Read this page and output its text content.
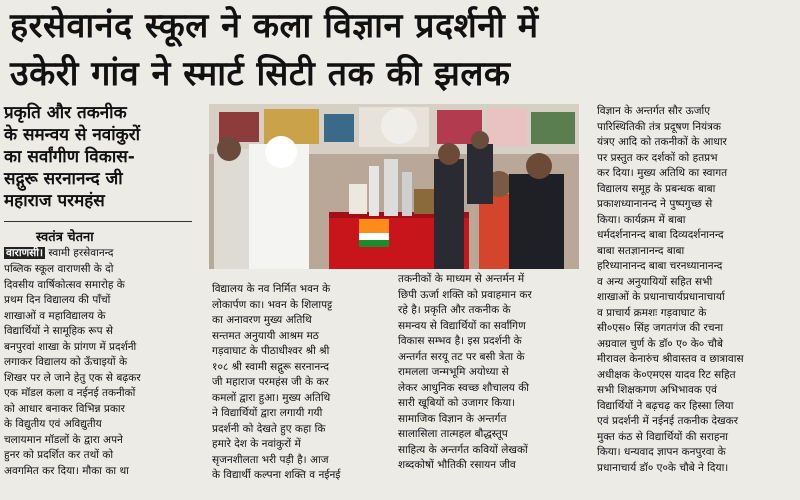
हरसेवानंद स्कूल ने कला विज्ञान प्रदर्शनी में
उकेरी गांव ने स्मार्ट सिटी तक की झलक
प्रकृति और तकनीक
के समन्वय से नवांकुरों
का सर्वांगीण विकास-
सद्गुरू सरनानन्द जी
महाराज परमहंस
स्वतंत्र चेतना
वाराणसी। स्वामी हरसेवानन्द
पब्लिक स्कूल वाराणसी के दो
दिवसीय वार्षिकोत्सव समारोह के
प्रथम दिन विद्यालय की पाँचों
शाखाओं व महाविद्यालय के
विद्यार्थियों ने सामूहिक रूप से
बनपुरवां शाखा के प्रांगण में प्रदर्शनी
लगाकर विद्यालय को ऊँचाइयों के
शिखर पर ले जाने हेतु एक से बढ़कर
एक मॉडल कला व नईनई तकनीकों
को आधार बनाकर विभिन्न प्रकार
के विद्युतीय एवं अविद्युतीय
चलायमान मॉडलों के द्वारा अपने
हुनर को प्रदर्शित कर तथों को
अवगमित कर दिया। मौका का था
विद्यालय के नव निर्मित भवन के
लोकार्पण का। भवन के शिलापट्ट
का अनावरण मुख्य अतिथि
सन्तमत अनुयायी आश्रम मठ
गड़वाघाट के पीठाधीश्वर श्री श्री
१०८ श्री स्वामी सद्गुरू सरनानन्द
जी महाराज परमहंस जी के कर
कमलों द्वारा हुआ। मुख्य अतिथि
ने विद्यार्थियों द्वारा लगायी गयी
प्रदर्शनी को देखते हुए कहा कि
हमारे देश के नवांकुरों में
सृजनशीलता भरी पड़ी है। आज
के विद्यार्थी कल्पना शक्ति व नईनई
तकनीकों के माध्यम से अन्तर्मन में
छिपी ऊर्जा शक्ति को प्रवाहमान कर
रहे है। प्रकृति और तकनीक के
समन्वय से विद्यार्थियों का सर्वांगिण
विकास सम्भव है। इस प्रदर्शनी के
अन्तर्गत सरयू तट पर बसी त्रेता के
रामलला जन्मभूमि अयोध्या से
लेकर आधुनिक स्वच्छ शौचालय की
सारी खूबियों को उजागर किया।
सामाजिक विज्ञान के अन्तर्गत
सालासिला तात्महल बौद्धस्तूप
साहित्य के अन्तर्गत कवियों लेखकों
शब्दकोषों भौतिकी रसायन जीव
विज्ञान के अन्तर्गत सौर ऊर्जाए
पारिस्थितिकी तंत्र प्रदूषण नियंत्रक
यंत्रए आदि को तकनीकों के आधार
पर प्रस्तुत कर दर्शकों को हतप्रभ
कर दिया। मुख्य अतिथि का स्वागत
विद्यालय समूह के प्रबन्धक बाबा
प्रकाशध्यानानन्द ने पुष्पगुच्छ से
किया। कार्यक्रम में बाबा
धर्मदर्शनानन्द बाबा दिव्यदर्शनानन्द
बाबा सतज्ञानानन्द बाबा
हरिध्यानानन्द बाबा चरनध्यानानन्द
व अन्य अनुयायियों सहित सभी
शाखाओं के प्रधानाचार्यप्रधानाचार्या
व प्राचार्य क्रमशः गड़वाघाट के
सी०एस० सिंह जगतगंज की रचना
अग्रवाल चुर्ण के डॉ० ए० के० चौबे
मीरावल केनारुंच श्रीवास्तव व छात्रावास
अधीक्षक के०एमएस यादव रिट सहित
सभी शिक्षकगण अभिभावक एवं
विद्यार्थियों ने बढ़चढ़ कर हिस्सा लिया
एवं प्रदर्शनी में नईनई तकनीक देखकर
मुक्त कंठ से विद्यार्थियों की सराहना
किया। धन्यवाद ज्ञापन कनपुरवा के
प्रधानाचार्य डॉ० ए०के चौबे ने दिया।
